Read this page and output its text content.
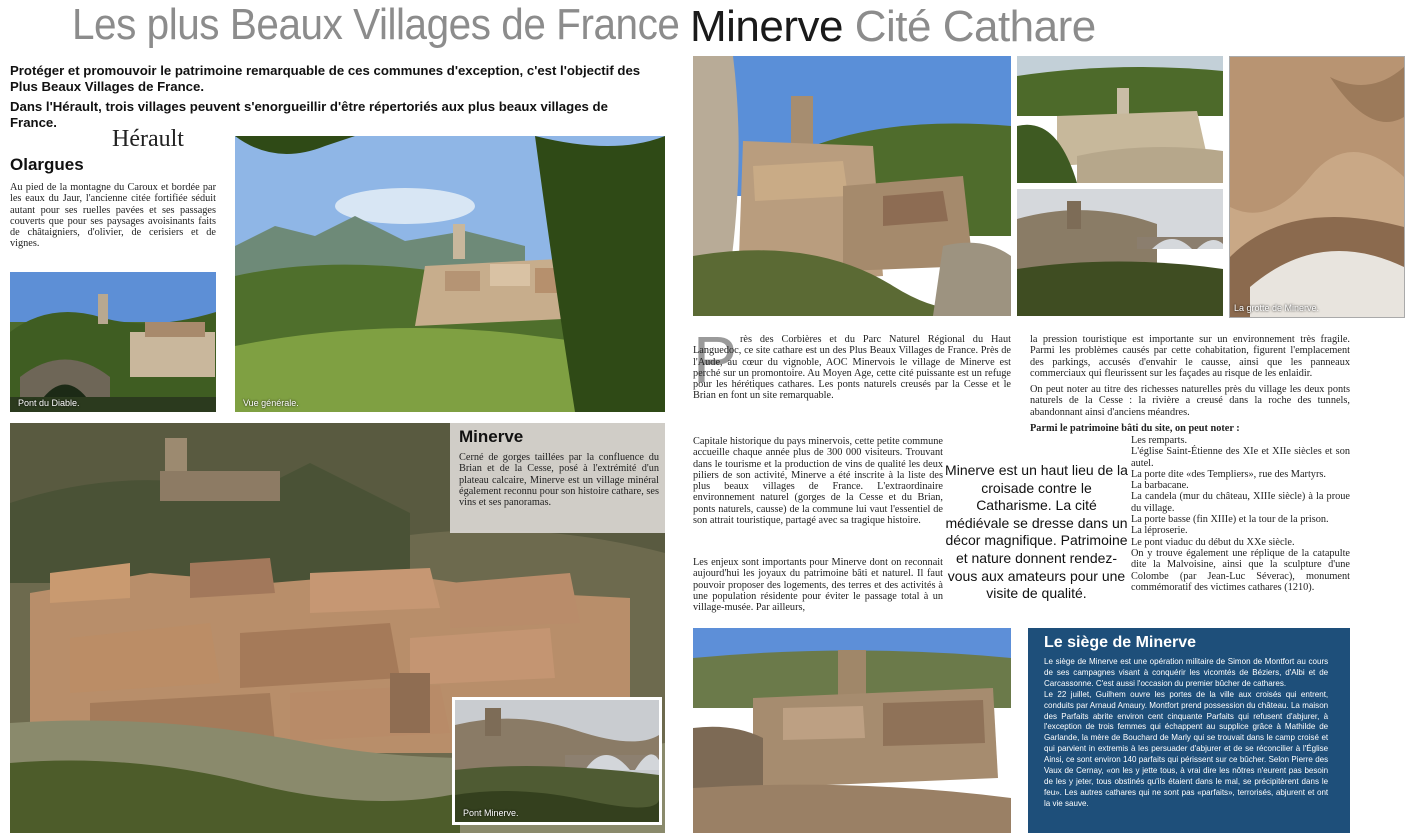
Les plus Beaux Villages de France
Protéger et promouvoir le patrimoine remarquable de ces communes d'exception, c'est l'objectif des Plus Beaux Villages de France.
Dans l'Hérault, trois villages peuvent s'enorgueillir d'être répertoriés aux plus beaux villages de France.
Hérault
Olargues
Au pied de la montagne du Caroux et bordée par les eaux du Jaur, l'ancienne citée fortifiée séduit autant pour ses ruelles pavées et ses passages couverts que pour ses paysages avoisinants faits de châtaigniers, d'olivier, de cerisiers et de vignes.
Pont du Diable.	Vue générale.
Minerve
Cerné de gorges taillées par la confluence du Brian et de la Cesse, posé à l'extrémité d'un plateau calcaire, Minerve est un village minéral également reconnu pour son histoire cathare, ses vins et ses panoramas.
Pont Minerve.
Minerve Cité Cathare
La grotte de Minerve.
P rès des Corbières et du Parc Naturel Régional du Haut Languedoc, ce site cathare est un des Plus Beaux Villages de France. Près de l'Aude, au cœur du vignoble, AOC Minervois le village de Minerve est perché sur un promontoire. Au Moyen Age, cette cité puissante est un refuge pour les hérétiques cathares. Les ponts naturels creusés par la Cesse et le Brian en font un site remarquable.
Capitale historique du pays minervois, cette petite commune accueille chaque année plus de 300 000 visiteurs. Trouvant dans le tourisme et la production de vins de qualité les deux piliers de son activité, Minerve a été inscrite à la liste des plus beaux villages de France. L'extraordinaire environnement naturel (gorges de la Cesse et du Brian, ponts naturels, causse) de la commune lui vaut l'essentiel de son attrait touristique, partagé avec sa tragique histoire.
Les enjeux sont importants pour Minerve dont on reconnait aujourd'hui les joyaux du patrimoine bâti et naturel. Il faut pouvoir proposer des logements, des terres et des activités à une population résidente pour éviter le passage total à un village-musée. Par ailleurs,
Minerve est un haut lieu de la croisade contre le Catharisme. La cité médiévale se dresse dans un décor magnifique. Patrimoine et nature donnent rendez-vous aux amateurs pour une visite de qualité.
la pression touristique est importante sur un environnement très fragile. Parmi les problèmes causés par cette cohabitation, figurent l'emplacement des parkings, accusés d'envahir le causse, ainsi que les panneaux commerciaux qui fleurissent sur les façades au risque de les enlaidir.
On peut noter au titre des richesses naturelles près du village les deux ponts naturels de la Cesse : la rivière a creusé dans la roche des tunnels, abandonnant ainsi d'anciens méandres.
Parmi le patrimoine bâti du site, on peut noter :
Les remparts.
L'église Saint-Étienne des XIe et XIIe siècles et son autel.
La porte dite «des Templiers», rue des Martyrs.
La barbacane.
La candela (mur du château, XIIIe siècle) à la proue du village.
La porte basse (fin XIIIe) et la tour de la prison.
La léproserie.
Le pont viaduc du début du XXe siècle.
On y trouve également une réplique de la catapulte dite la Malvoisine, ainsi que la sculpture d'une Colombe (par Jean-Luc Séverac), monument commémoratif des victimes cathares (1210).
Le siège de Minerve
Le siège de Minerve est une opération militaire de Simon de Montfort au cours de ses campagnes visant à conquérir les vicomtés de Béziers, d'Albi et de Carcassonne. C'est aussi l'occasion du premier bûcher de cathares.
Le 22 juillet, Guilhem ouvre les portes de la ville aux croisés qui entrent, conduits par Arnaud Amaury. Montfort prend possession du château. La maison des Parfaits abrite environ cent cinquante Parfaits qui refusent d'abjurer, à l'exception de trois femmes qui échappent au supplice grâce à Mathilde de Garlande, la mère de Bouchard de Marly qui se trouvait dans le camp croisé et qui parvient in extremis à les persuader d'abjurer et de se réconcilier à l'Église Ainsi, ce sont environ 140 parfaits qui périssent sur ce bûcher. Selon Pierre des Vaux de Cernay, «on les y jette tous, à vrai dire les nôtres n'eurent pas besoin de les y jeter, tous obstinés qu'ils étaient dans le mal, se précipitèrent dans le feu». Les autres cathares qui ne sont pas «parfaits», terrorisés, abjurent et ont la vie sauve.
